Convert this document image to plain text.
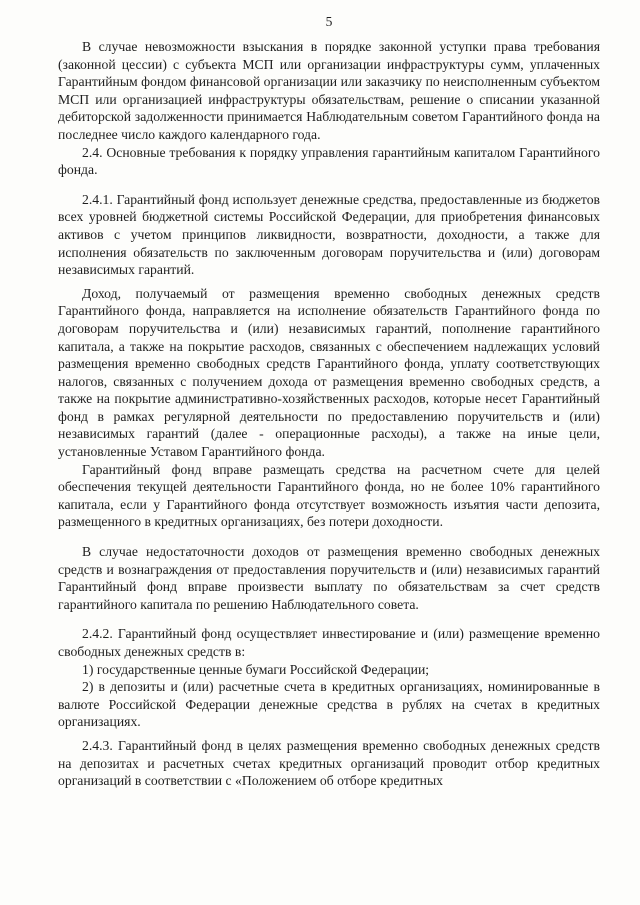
5

В случае невозможности взыскания в порядке законной уступки права требования (законной цессии) с субъекта МСП или организации инфраструктуры сумм, уплаченных Гарантийным фондом финансовой организации или заказчику по неисполненным субъектом МСП или организацией инфраструктуры обязательствам, решение о списании указанной дебиторской задолженности принимается Наблюдательным советом Гарантийного фонда на последнее число каждого календарного года.

2.4. Основные требования к порядку управления гарантийным капиталом Гарантийного фонда.

2.4.1. Гарантийный фонд использует денежные средства, предоставленные из бюджетов всех уровней бюджетной системы Российской Федерации, для приобретения финансовых активов с учетом принципов ликвидности, возвратности, доходности, а также для исполнения обязательств по заключенным договорам поручительства и (или) договорам независимых гарантий.

Доход, получаемый от размещения временно свободных денежных средств Гарантийного фонда, направляется на исполнение обязательств Гарантийного фонда по договорам поручительства и (или) независимых гарантий, пополнение гарантийного капитала, а также на покрытие расходов, связанных с обеспечением надлежащих условий размещения временно свободных средств Гарантийного фонда, уплату соответствующих налогов, связанных с получением дохода от размещения временно свободных средств, а также на покрытие административно-хозяйственных расходов, которые несет Гарантийный фонд в рамках регулярной деятельности по предоставлению поручительств и (или) независимых гарантий (далее - операционные расходы), а также на иные цели, установленные Уставом Гарантийного фонда.

Гарантийный фонд вправе размещать средства на расчетном счете для целей обеспечения текущей деятельности Гарантийного фонда, но не более 10% гарантийного капитала, если у Гарантийного фонда отсутствует возможность изъятия части депозита, размещенного в кредитных организациях, без потери доходности.

В случае недостаточности доходов от размещения временно свободных денежных средств и вознаграждения от предоставления поручительств и (или) независимых гарантий Гарантийный фонд вправе произвести выплату по обязательствам за счет средств гарантийного капитала по решению Наблюдательного совета.

2.4.2. Гарантийный фонд осуществляет инвестирование и (или) размещение временно свободных денежных средств в:

1) государственные ценные бумаги Российской Федерации;

2) в депозиты и (или) расчетные счета в кредитных организациях, номинированные в валюте Российской Федерации денежные средства в рублях на счетах в кредитных организациях.

2.4.3. Гарантийный фонд в целях размещения временно свободных денежных средств на депозитах и расчетных счетах кредитных организаций проводит отбор кредитных организаций в соответствии с «Положением об отборе кредитных
